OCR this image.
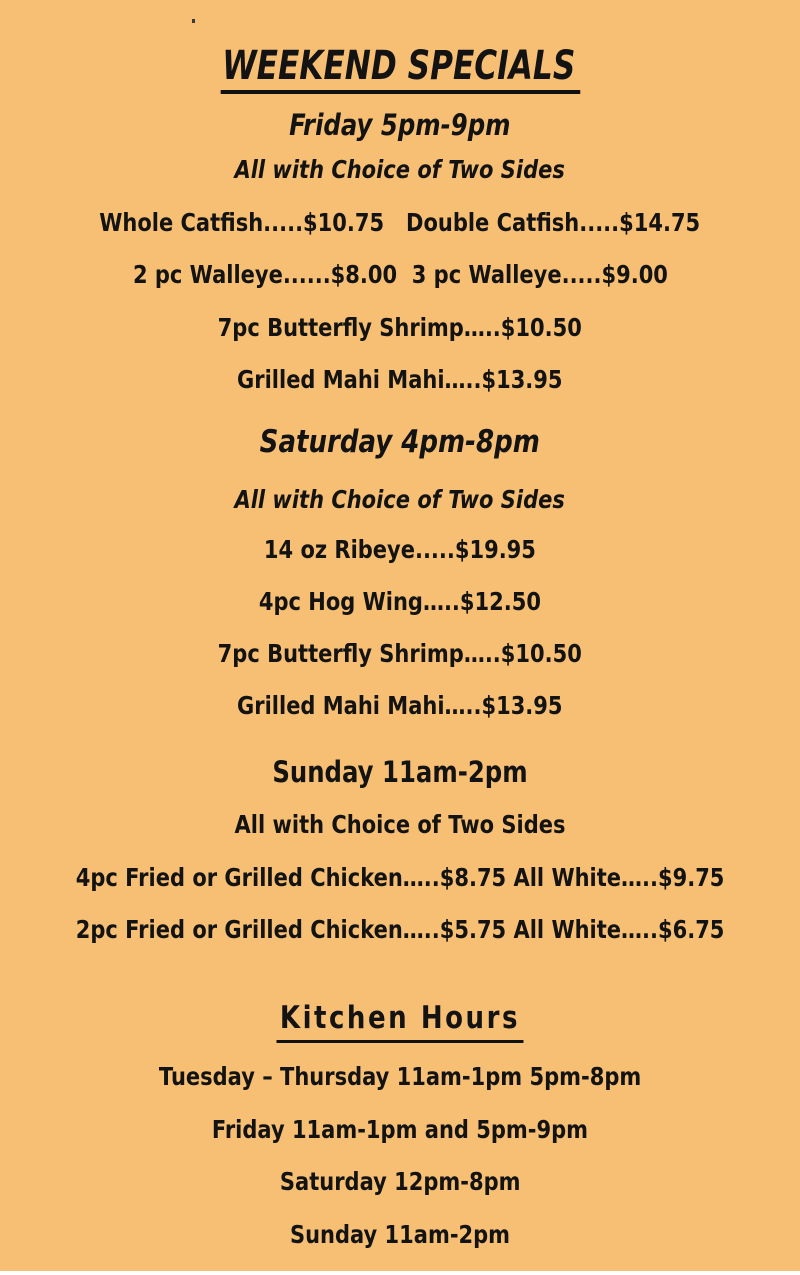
WEEKEND SPECIALS
Friday 5pm-9pm
All with Choice of Two Sides
Whole Catfish.....$10.75   Double Catfish.....$14.75
2 pc Walleye......$8.00  3 pc Walleye.....$9.00
7pc Butterfly Shrimp…..$10.50
Grilled Mahi Mahi…..$13.95
Saturday 4pm-8pm
All with Choice of Two Sides
14 oz Ribeye.....$19.95
4pc Hog Wing…..$12.50
7pc Butterfly Shrimp…..$10.50
Grilled Mahi Mahi…..$13.95
Sunday 11am-2pm
All with Choice of Two Sides
4pc Fried or Grilled Chicken…..$8.75 All White…..$9.75
2pc Fried or Grilled Chicken…..$5.75 All White…..$6.75
Kitchen Hours
Tuesday – Thursday 11am-1pm 5pm-8pm
Friday 11am-1pm and 5pm-9pm
Saturday 12pm-8pm
Sunday 11am-2pm
